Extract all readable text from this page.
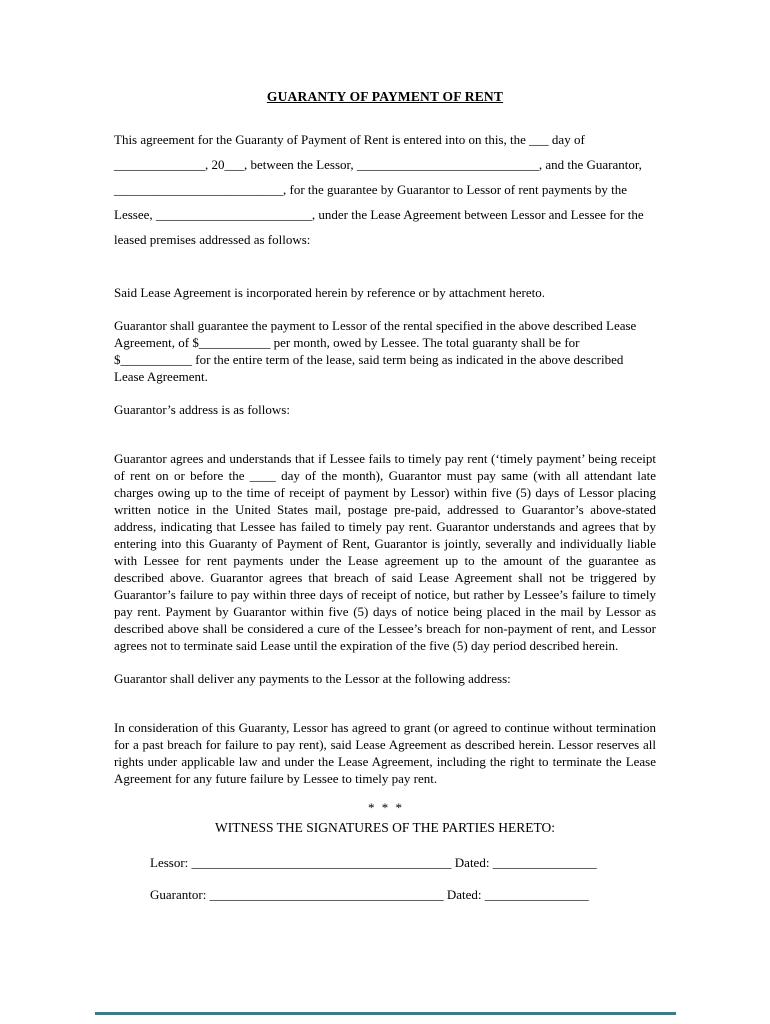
GUARANTY OF PAYMENT OF RENT

This agreement for the Guaranty of Payment of Rent is entered into on this, the ___ day of ______________, 20___, between the Lessor, ____________________________, and the Guarantor, __________________________, for the guarantee by Guarantor to Lessor of rent payments by the Lessee, ________________________, under the Lease Agreement between Lessor and Lessee for the leased premises addressed as follows:

Said Lease Agreement is incorporated herein by reference or by attachment hereto.

Guarantor shall guarantee the payment to Lessor of the rental specified in the above described Lease Agreement, of $___________ per month, owed by Lessee. The total guaranty shall be for $___________ for the entire term of the lease, said term being as indicated in the above described Lease Agreement.

Guarantor’s address is as follows:

Guarantor agrees and understands that if Lessee fails to timely pay rent (‘timely payment’ being receipt of rent on or before the ____ day of the month), Guarantor must pay same (with all attendant late charges owing up to the time of receipt of payment by Lessor) within five (5) days of Lessor placing written notice in the United States mail, postage pre-paid, addressed to Guarantor’s above-stated address, indicating that Lessee has failed to timely pay rent. Guarantor understands and agrees that by entering into this Guaranty of Payment of Rent, Guarantor is jointly, severally and individually liable with Lessee for rent payments under the Lease agreement up to the amount of the guarantee as described above. Guarantor agrees that breach of said Lease Agreement shall not be triggered by Guarantor’s failure to pay within three days of receipt of notice, but rather by Lessee’s failure to timely pay rent. Payment by Guarantor within five (5) days of notice being placed in the mail by Lessor as described above shall be considered a cure of the Lessee’s breach for non-payment of rent, and Lessor agrees not to terminate said Lease until the expiration of the five (5) day period described herein.

Guarantor shall deliver any payments to the Lessor at the following address:

In consideration of this Guaranty, Lessor has agreed to grant (or agreed to continue without termination for a past breach for failure to pay rent), said Lease Agreement as described herein. Lessor reserves all rights under applicable law and under the Lease Agreement, including the right to terminate the Lease Agreement for any future failure by Lessee to timely pay rent.

* * *

WITNESS THE SIGNATURES OF THE PARTIES HERETO:

Lessor: ________________________________________ Dated: ________________
Guarantor: ____________________________________ Dated: ________________
